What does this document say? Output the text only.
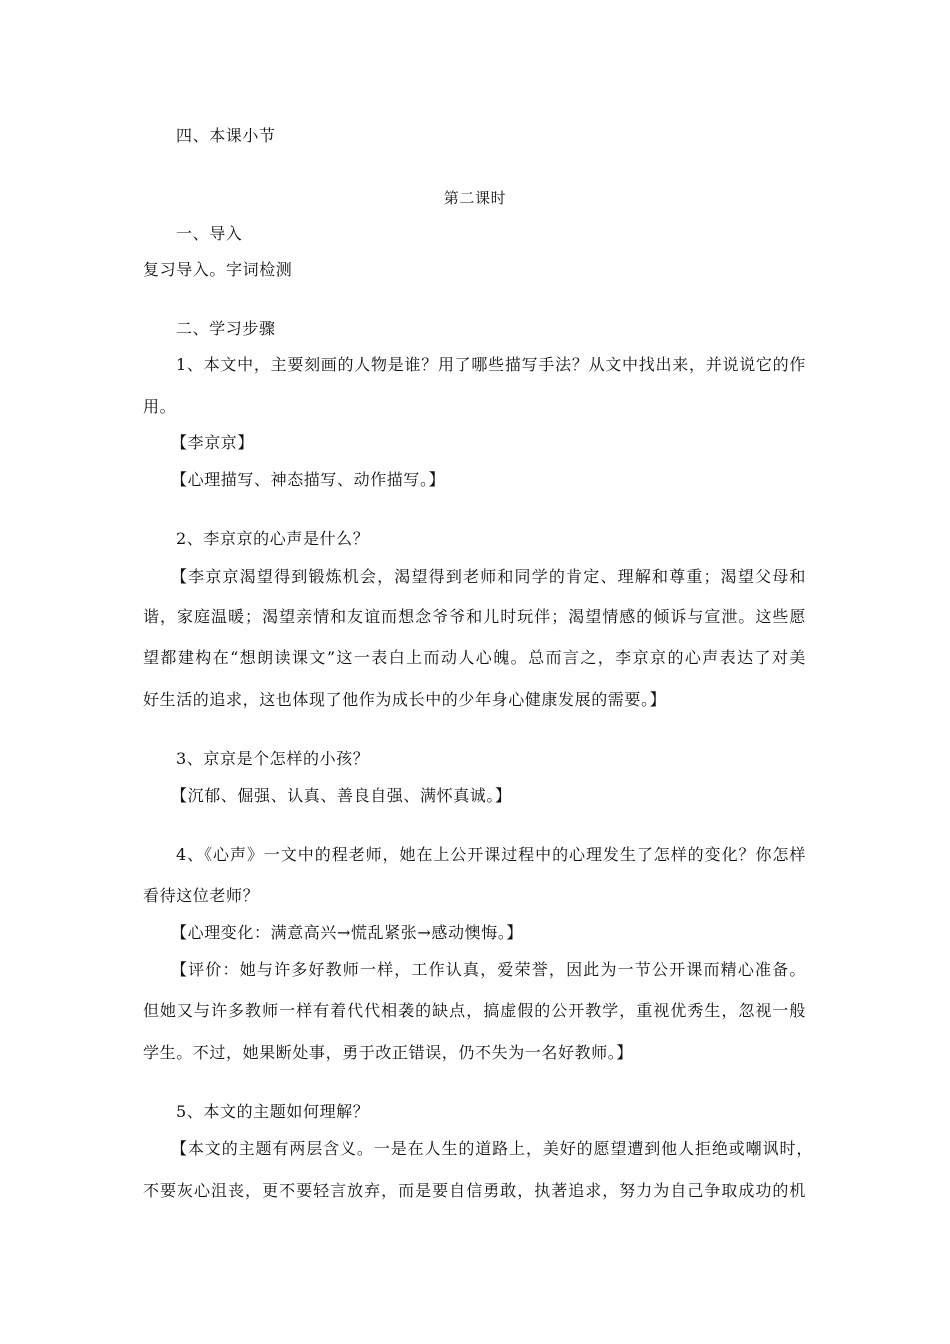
四、本课小节
第二课时
一、导入
复习导入。字词检测
二、学习步骤
1、本文中，主要刻画的人物是谁？用了哪些描写手法？从文中找出来，并说说它的作
用。
【李京京】
【心理描写、神态描写、动作描写。】
2、李京京的心声是什么？
【李京京渴望得到锻炼机会，渴望得到老师和同学的肯定、理解和尊重；渴望父母和
谐，家庭温暖；渴望亲情和友谊而想念爷爷和儿时玩伴；渴望情感的倾诉与宣泄。这些愿
望都建构在“想朗读课文”这一表白上而动人心魄。总而言之，李京京的心声表达了对美
好生活的追求，这也体现了他作为成长中的少年身心健康发展的需要。】
3、京京是个怎样的小孩？
【沉郁、倔强、认真、善良自强、满怀真诚。】
4、《心声》一文中的程老师，她在上公开课过程中的心理发生了怎样的变化？你怎样
看待这位老师？
【心理变化：满意高兴→慌乱紧张→感动懊悔。】
【评价：她与许多好教师一样，工作认真，爱荣誉，因此为一节公开课而精心准备。
但她又与许多教师一样有着代代相袭的缺点，搞虚假的公开教学，重视优秀生，忽视一般
学生。不过，她果断处事，勇于改正错误，仍不失为一名好教师。】
5、本文的主题如何理解？
【本文的主题有两层含义。一是在人生的道路上，美好的愿望遭到他人拒绝或嘲讽时，
不要灰心沮丧，更不要轻言放弃，而是要自信勇敢，执著追求，努力为自己争取成功的机
